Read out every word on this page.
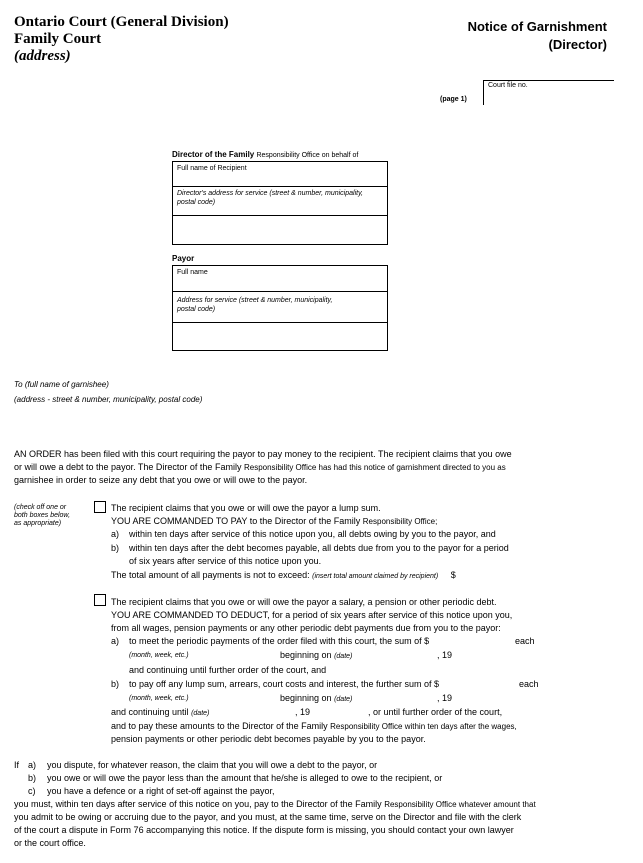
Ontario Court (General Division)
Family Court
(address)
Notice of Garnishment
(Director)
Court file no.
(page 1)
Director of the Family Responsibility Office on behalf of
Full name of Recipient
Director's address for service (street & number, municipality,
postal code)
Payor
Full name
Address for service (street & number, municipality,
postal code)
To (full name of garnishee)
(address - street & number, municipality, postal code)
AN ORDER has been filed with this court requiring the payor to pay money to the recipient. The recipient claims that you owe
or will owe a debt to the payor. The Director of the Family Responsibility Office has had this notice of garnishment directed to you as
garnishee in order to seize any debt that you owe or will owe to the payor.
(check off one or
both boxes below,
as appropriate)
The recipient claims that you owe or will owe the payor a lump sum.
YOU ARE COMMANDED TO PAY to the Director of the Family Responsibility Office;
a) within ten days after service of this notice upon you, all debts owing by you to the payor, and
b) within ten days after the debt becomes payable, all debts due from you to the payor for a period
of six years after service of this notice upon you.
The total amount of all payments is not to exceed: (insert total amount claimed by recipient) $
The recipient claims that you owe or will owe the payor a salary, a pension or other periodic debt.
YOU ARE COMMANDED TO DEDUCT, for a period of six years after service of this notice upon you,
from all wages, pension payments or any other periodic debt payments due from you to the payor:
a) to meet the periodic payments of the order filed with this court, the sum of $	each
(month, week, etc.)	beginning on (date)	, 19
and continuing until further order of the court, and
b) to pay off any lump sum, arrears, court costs and interest, the further sum of $	each
(month, week, etc.)	beginning on (date)	, 19
and continuing until (date)	, 19	, or until further order of the court,
and to pay these amounts to the Director of the Family Responsibility Office within ten days after the wages,
pension payments or other periodic debt becomes payable by you to the payor.
If a) you dispute, for whatever reason, the claim that you will owe a debt to the payor, or
b) you owe or will owe the payor less than the amount that he/she is alleged to owe to the recipient, or
c) you have a defence or a right of set-off against the payor,
you must, within ten days after service of this notice on you, pay to the Director of the Family Responsibility Office whatever amount that
you admit to be owing or accruing due to the payor, and you must, at the same time, serve on the Director and file with the clerk
of the court a dispute in Form 76 accompanying this notice. If the dispute form is missing, you should contact your own lawyer
or the court office.
